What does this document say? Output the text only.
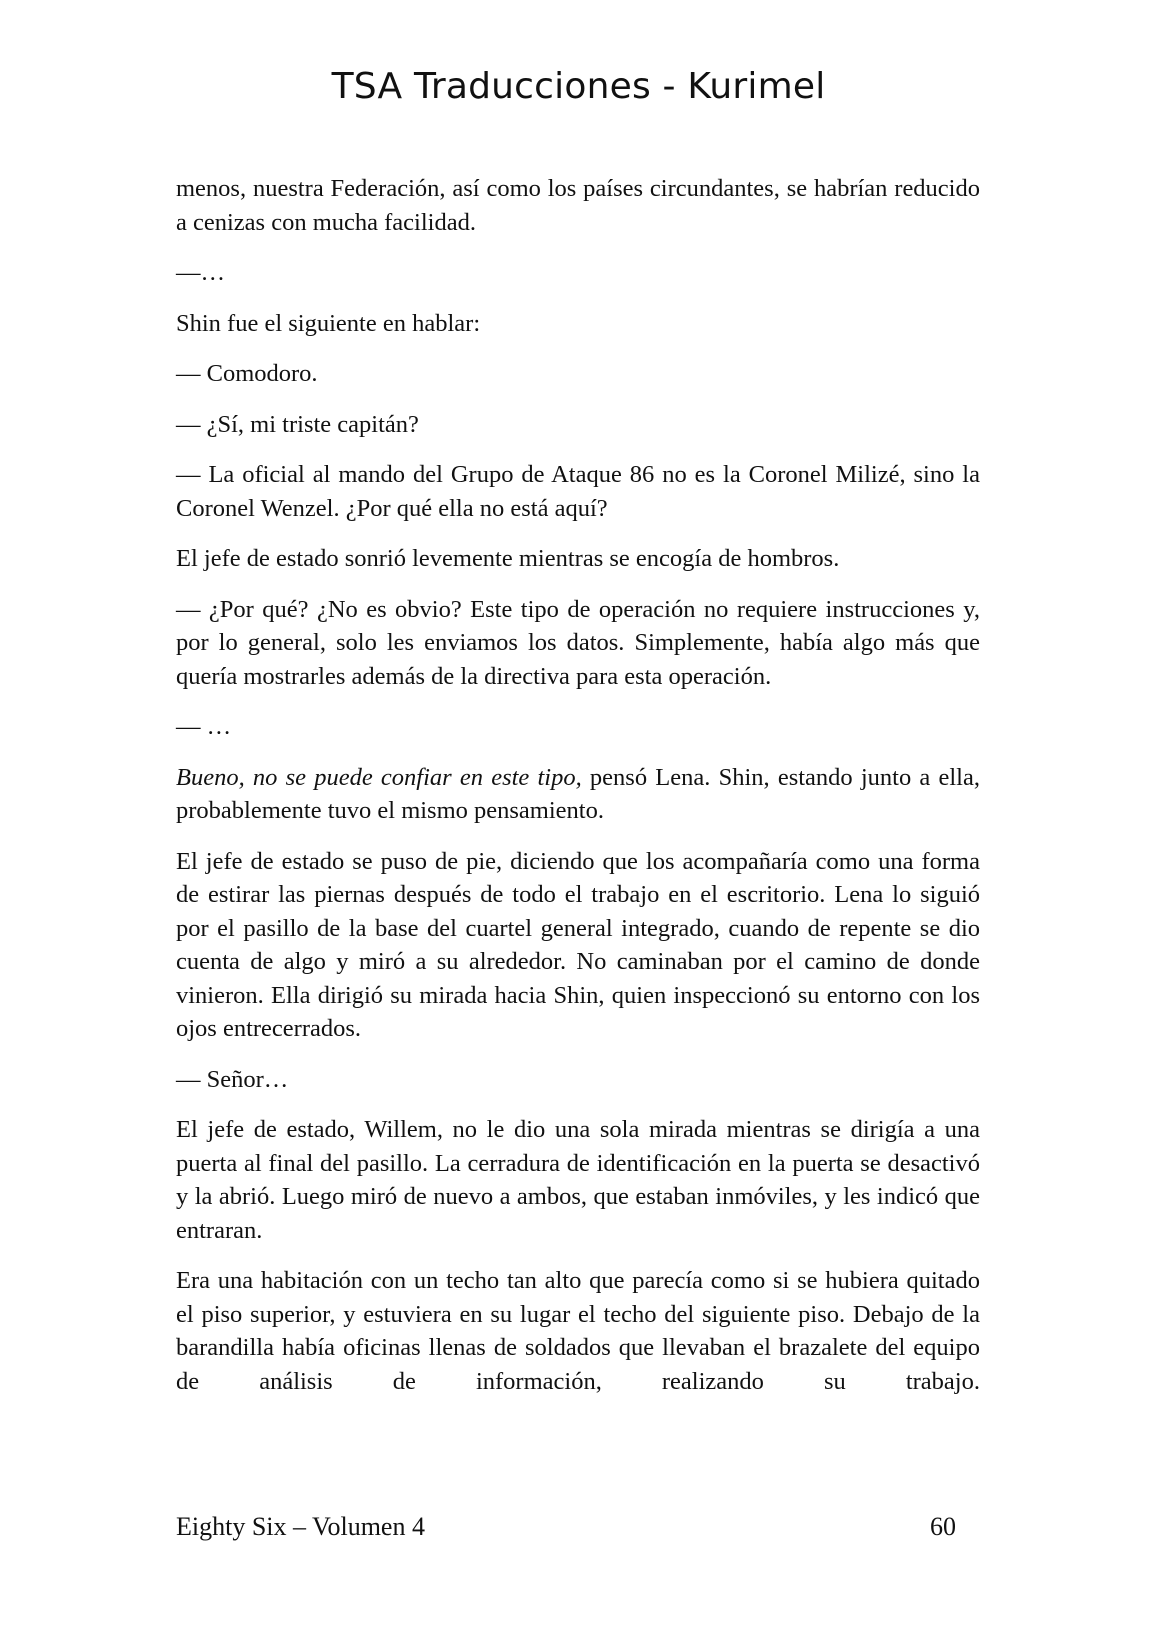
TSA Traducciones - Kurimel

menos, nuestra Federación, así como los países circundantes, se habrían reducido a cenizas con mucha facilidad.

—…

Shin fue el siguiente en hablar:

— Comodoro.

— ¿Sí, mi triste capitán?

— La oficial al mando del Grupo de Ataque 86 no es la Coronel Milizé, sino la Coronel Wenzel. ¿Por qué ella no está aquí?

El jefe de estado sonrió levemente mientras se encogía de hombros.

— ¿Por qué? ¿No es obvio? Este tipo de operación no requiere instrucciones y, por lo general, solo les enviamos los datos. Simplemente, había algo más que quería mostrarles además de la directiva para esta operación.

— …

Bueno, no se puede confiar en este tipo, pensó Lena. Shin, estando junto a ella, probablemente tuvo el mismo pensamiento.

El jefe de estado se puso de pie, diciendo que los acompañaría como una forma de estirar las piernas después de todo el trabajo en el escritorio. Lena lo siguió por el pasillo de la base del cuartel general integrado, cuando de repente se dio cuenta de algo y miró a su alrededor. No caminaban por el camino de donde vinieron. Ella dirigió su mirada hacia Shin, quien inspeccionó su entorno con los ojos entrecerrados.

— Señor…

El jefe de estado, Willem, no le dio una sola mirada mientras se dirigía a una puerta al final del pasillo. La cerradura de identificación en la puerta se desactivó y la abrió. Luego miró de nuevo a ambos, que estaban inmóviles, y les indicó que entraran.

Era una habitación con un techo tan alto que parecía como si se hubiera quitado el piso superior, y estuviera en su lugar el techo del siguiente piso. Debajo de la barandilla había oficinas llenas de soldados que llevaban el brazalete del equipo de análisis de información, realizando su trabajo.

Eighty Six – Volumen 4	60
